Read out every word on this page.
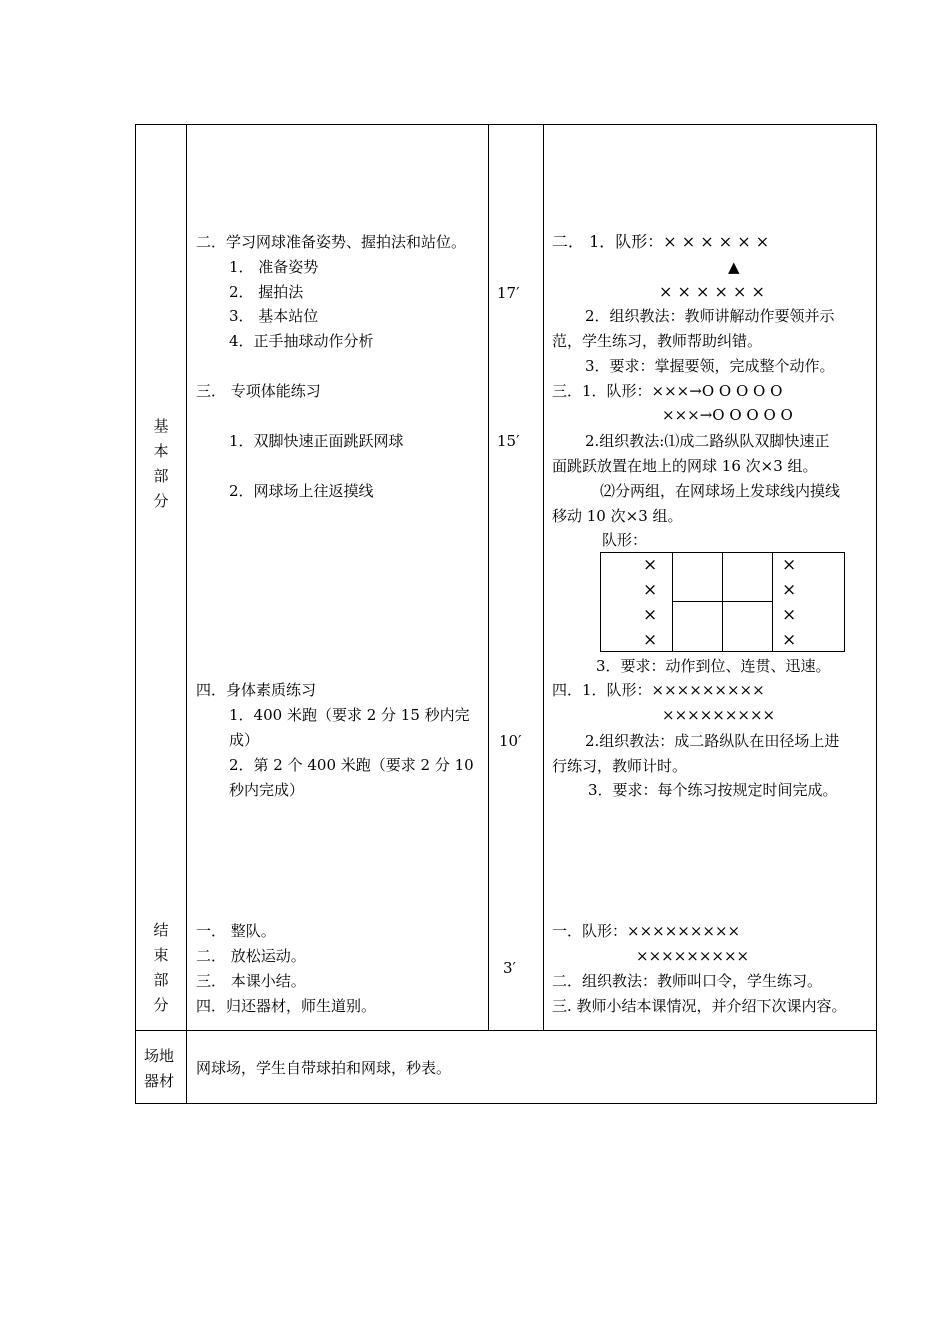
基
本
部
分
结
束
部
分
场地
器材
二．学习网球准备姿势、握拍法和站位。
1． 准备姿势
2． 握拍法
3． 基本站位
4．正手抽球动作分析
三． 专项体能练习
1．双脚快速正面跳跃网球
2．网球场上往返摸线
四．身体素质练习
1．400 米跑（要求 2 分 15 秒内完
成）
2．第 2 个 400 米跑（要求 2 分 10
秒内完成）
一． 整队。
二． 放松运动。
三． 本课小结。
四．归还器材，师生道别。
网球场，学生自带球拍和网球，秒表。
17′
15′
10′
3′
二． 1．队形：× × × × × ×
▲
× × × × × ×
2．组织教法：教师讲解动作要领并示
范，学生练习，教师帮助纠错。
3．要求：掌握要领，完成整个动作。
三．1．队形：×××→O O O O O
×××→O O O O O
2.组织教法:⑴成二路纵队双脚快速正
面跳跃放置在地上的网球 16 次×3 组。
⑵分两组，在网球场上发球线内摸线
移动 10 次×3 组。
队形：
×
×
×
×
×
×
×
×
3．要求：动作到位、连贯、迅速。
四．1．队形：×××××××××
×××××××××
2.组织教法：成二路纵队在田径场上进
行练习，教师计时。
3．要求：每个练习按规定时间完成。
一．队形：×××××××××
×××××××××
二．组织教法：教师叫口令，学生练习。
三. 教师小结本课情况，并介绍下次课内容。
